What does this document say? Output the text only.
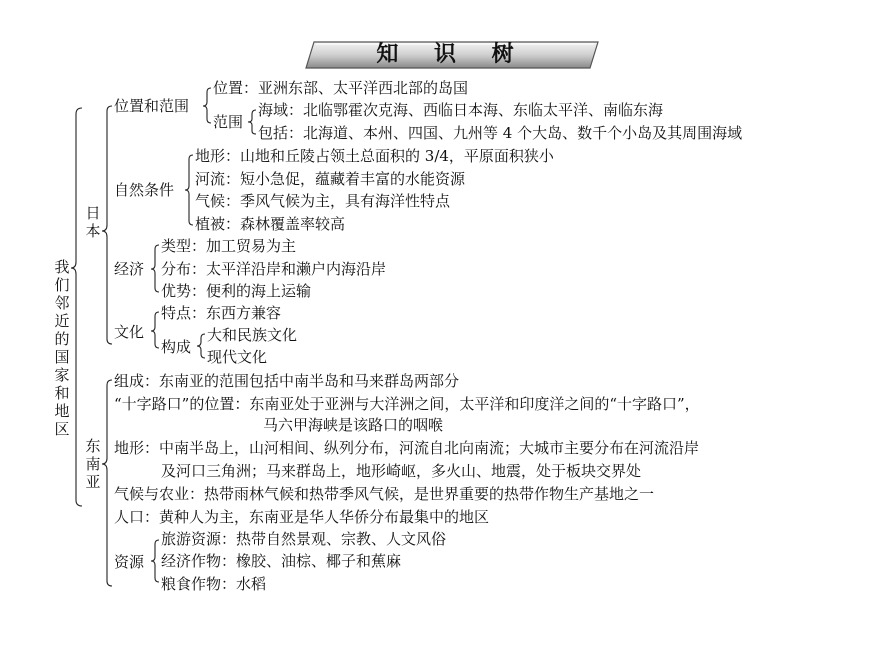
知 识 树
我们邻近的国家和地区
日本
位置和范围
位置：亚洲东部、太平洋西北部的岛国
范围
海域：北临鄂霍次克海、西临日本海、东临太平洋、南临东海
包括：北海道、本州、四国、九州等 4 个大岛、数千个小岛及其周围海域
自然条件
地形：山地和丘陵占领土总面积的 3/4，平原面积狭小
河流：短小急促，蕴藏着丰富的水能资源
气候：季风气候为主，具有海洋性特点
植被：森林覆盖率较高
经济
类型：加工贸易为主
分布：太平洋沿岸和濑户内海沿岸
优势：便利的海上运输
文化
特点：东西方兼容
构成
大和民族文化
现代文化
东南亚
组成：东南亚的范围包括中南半岛和马来群岛两部分
“十字路口”的位置：东南亚处于亚洲与大洋洲之间，太平洋和印度洋之间的“十字路口”，
马六甲海峡是该路口的咽喉
地形：中南半岛上，山河相间、纵列分布，河流自北向南流；大城市主要分布在河流沿岸
及河口三角洲；马来群岛上，地形崎岖，多火山、地震，处于板块交界处
气候与农业：热带雨林气候和热带季风气候，是世界重要的热带作物生产基地之一
人口：黄种人为主，东南亚是华人华侨分布最集中的地区
资源
旅游资源：热带自然景观、宗教、人文风俗
经济作物：橡胶、油棕、椰子和蕉麻
粮食作物：水稻
